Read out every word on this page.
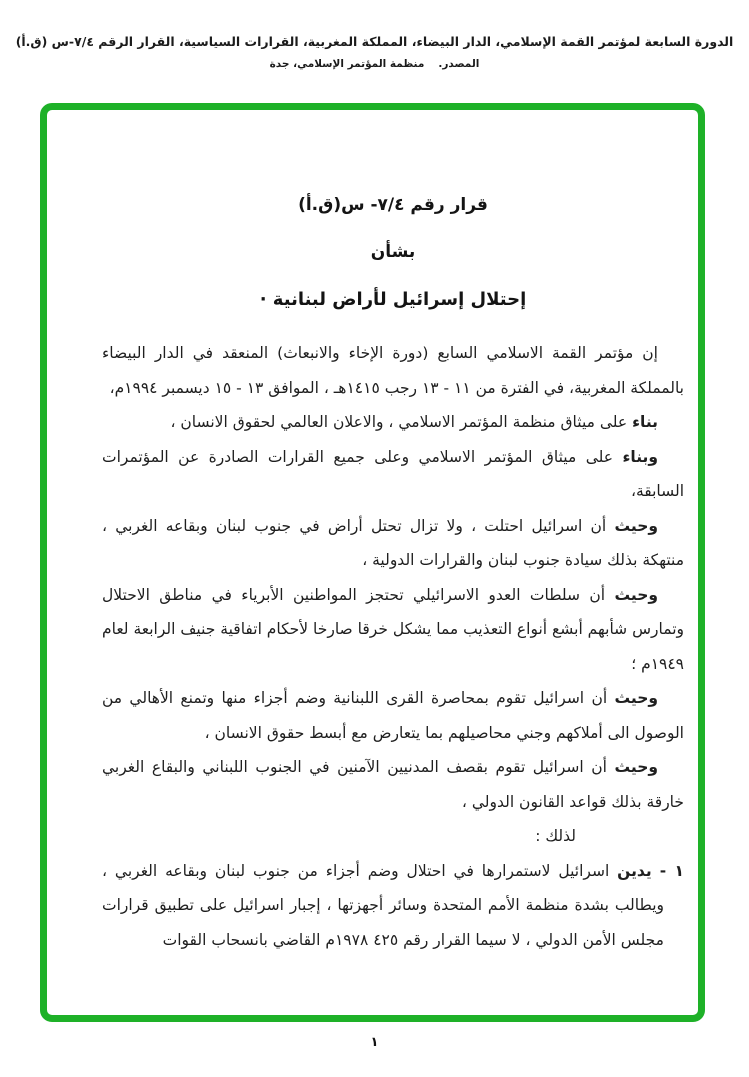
الدورة السابعة لمؤتمر القمة الإسلامي، الدار البيضاء، المملكة المغربية، القرارات السياسية، القرار الرقم ٧/٤-س (ق.أ)
المصدر.منظمة المؤتمر الإسلامي، جدة
قرار رقم ٧/٤- س(ق.أ)
بشأن
إحتلال إسرائيل لأراض لبنانية ·

إن مؤتمر القمة الاسلامي السابع (دورة الإخاء والانبعاث) المنعقد في الدار البيضاء بالمملكة المغربية، في الفترة من ١١ - ١٣ رجب ١٤١٥هـ ، الموافق ١٣ - ١٥ ديسمبر ١٩٩٤م،

بناء على ميثاق منظمة المؤتمر الاسلامي ، والاعلان العالمي لحقوق الانسان ،

وبناء على ميثاق المؤتمر الاسلامي وعلى جميع القرارات الصادرة عن المؤتمرات السابقة،

وحيث أن اسرائيل احتلت ، ولا تزال تحتل أراض في جنوب لبنان وبقاعه الغربي ، منتهكة بذلك سيادة جنوب لبنان والقرارات الدولية ،

وحيث أن سلطات العدو الاسرائيلي تحتجز المواطنين الأبرياء في مناطق الاحتلال وتمارس شأبهم أبشع أنواع التعذيب مما يشكل خرقا صارخا لأحكام اتفاقية جنيف الرابعة لعام ١٩٤٩م ؛

وحيث أن اسرائيل تقوم بمحاصرة القرى اللبنانية وضم أجزاء منها وتمنع الأهالي من الوصول الى أملاكهم وجني محاصيلهم بما يتعارض مع أبسط حقوق الانسان ،

وحيث أن اسرائيل تقوم بقصف المدنيين الآمنين في الجنوب اللبناني والبقاع الغربي خارقة بذلك قواعد القانون الدولي ،

لذلك :

١ -يدين اسرائيل لاستمرارها في احتلال وضم أجزاء من جنوب لبنان وبقاعه الغربي ، ويطالب بشدة منظمة الأمم المتحدة وسائر أجهزتها ، إجبار اسرائيل على تطبيق قرارات مجلس الأمن الدولي ، لا سيما القرار رقم ٤٢٥ ١٩٧٨م القاضي بانسحاب القوات

١
